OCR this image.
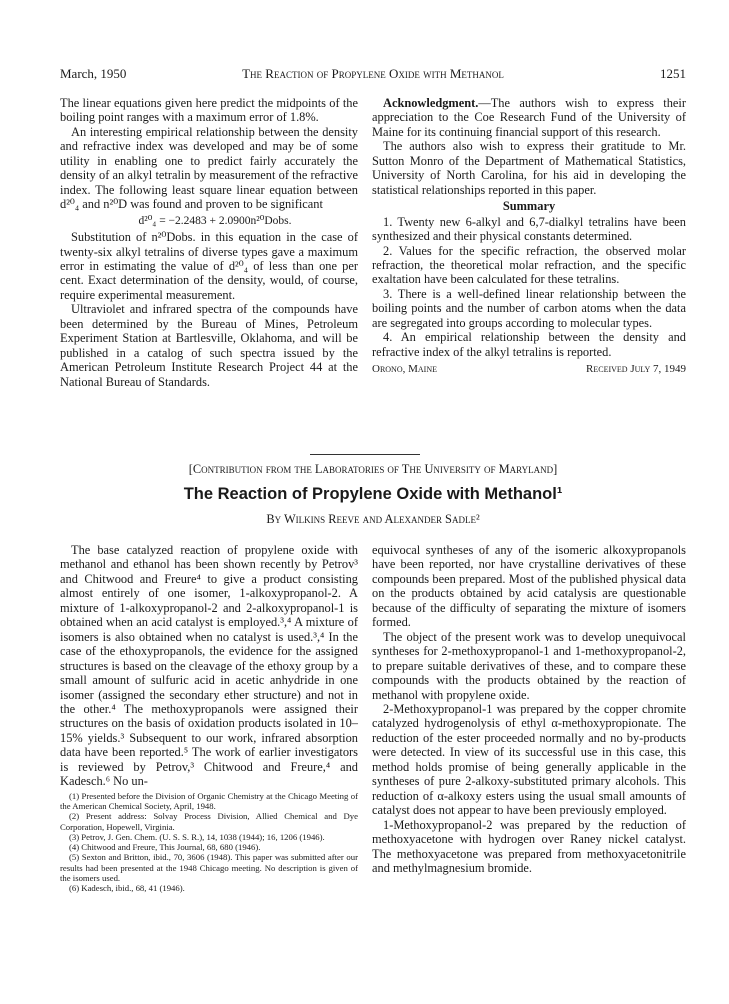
March, 1950	The Reaction of Propylene Oxide with Methanol	1251

The linear equations given here predict the midpoints of the boiling point ranges with a maximum error of 1.8%.

An interesting empirical relationship between the density and refractive index was developed and may be of some utility in enabling one to predict fairly accurately the density of an alkyl tetralin by measurement of the refractive index. The following least square linear equation between d²⁰₄ and n²⁰D was found and proven to be significant

d²⁰₄ = −2.2483 + 2.0900n²⁰Dobs.

Substitution of n²⁰Dobs. in this equation in the case of twenty-six alkyl tetralins of diverse types gave a maximum error in estimating the value of d²⁰₄ of less than one per cent. Exact determination of the density, would, of course, require experimental measurement.

Ultraviolet and infrared spectra of the compounds have been determined by the Bureau of Mines, Petroleum Experiment Station at Bartlesville, Oklahoma, and will be published in a catalog of such spectra issued by the American Petroleum Institute Research Project 44 at the National Bureau of Standards.

Acknowledgment.—The authors wish to express their appreciation to the Coe Research Fund of the University of Maine for its continuing financial support of this research.

The authors also wish to express their gratitude to Mr. Sutton Monro of the Department of Mathematical Statistics, University of North Carolina, for his aid in developing the statistical relationships reported in this paper.

Summary

1. Twenty new 6-alkyl and 6,7-dialkyl tetralins have been synthesized and their physical constants determined.

2. Values for the specific refraction, the observed molar refraction, the theoretical molar refraction, and the specific exaltation have been calculated for these tetralins.

3. There is a well-defined linear relationship between the boiling points and the number of carbon atoms when the data are segregated into groups according to molecular types.

4. An empirical relationship between the density and refractive index of the alkyl tetralins is reported.

Orono, Maine	Received July 7, 1949
[Contribution from the Laboratories of The University of Maryland]
The Reaction of Propylene Oxide with Methanol¹
By Wilkins Reeve and Alexander Sadle²

The base catalyzed reaction of propylene oxide with methanol and ethanol has been shown recently by Petrov³ and Chitwood and Freure⁴ to give a product consisting almost entirely of one isomer, 1-alkoxypropanol-2. A mixture of 1-alkoxypropanol-2 and 2-alkoxypropanol-1 is obtained when an acid catalyst is employed.³,⁴ A mixture of isomers is also obtained when no catalyst is used.³,⁴ In the case of the ethoxypropanols, the evidence for the assigned structures is based on the cleavage of the ethoxy group by a small amount of sulfuric acid in acetic anhydride in one isomer (assigned the secondary ether structure) and not in the other.⁴ The methoxypropanols were assigned their structures on the basis of oxidation products isolated in 10–15% yields.³ Subsequent to our work, infrared absorption data have been reported.⁵ The work of earlier investigators is reviewed by Petrov,³ Chitwood and Freure,⁴ and Kadesch.⁶ No un-

(1) Presented before the Division of Organic Chemistry at the Chicago Meeting of the American Chemical Society, April, 1948.
(2) Present address: Solvay Process Division, Allied Chemical and Dye Corporation, Hopewell, Virginia.
(3) Petrov, J. Gen. Chem. (U. S. S. R.), 14, 1038 (1944); 16, 1206 (1946).
(4) Chitwood and Freure, This Journal, 68, 680 (1946).
(5) Sexton and Britton, ibid., 70, 3606 (1948). This paper was submitted after our results had been presented at the 1948 Chicago meeting. No description is given of the isomers used.
(6) Kadesch, ibid., 68, 41 (1946).

equivocal syntheses of any of the isomeric alkoxypropanols have been reported, nor have crystalline derivatives of these compounds been prepared. Most of the published physical data on the products obtained by acid catalysis are questionable because of the difficulty of separating the mixture of isomers formed.

The object of the present work was to develop unequivocal syntheses for 2-methoxypropanol-1 and 1-methoxypropanol-2, to prepare suitable derivatives of these, and to compare these compounds with the products obtained by the reaction of methanol with propylene oxide.

2-Methoxypropanol-1 was prepared by the copper chromite catalyzed hydrogenolysis of ethyl α-methoxypropionate. The reduction of the ester proceeded normally and no by-products were detected. In view of its successful use in this case, this method holds promise of being generally applicable in the syntheses of pure 2-alkoxy-substituted primary alcohols. This reduction of α-alkoxy esters using the usual small amounts of catalyst does not appear to have been previously employed.

1-Methoxypropanol-2 was prepared by the reduction of methoxyacetone with hydrogen over Raney nickel catalyst. The methoxyacetone was prepared from methoxyacetonitrile and methylmagnesium bromide.
